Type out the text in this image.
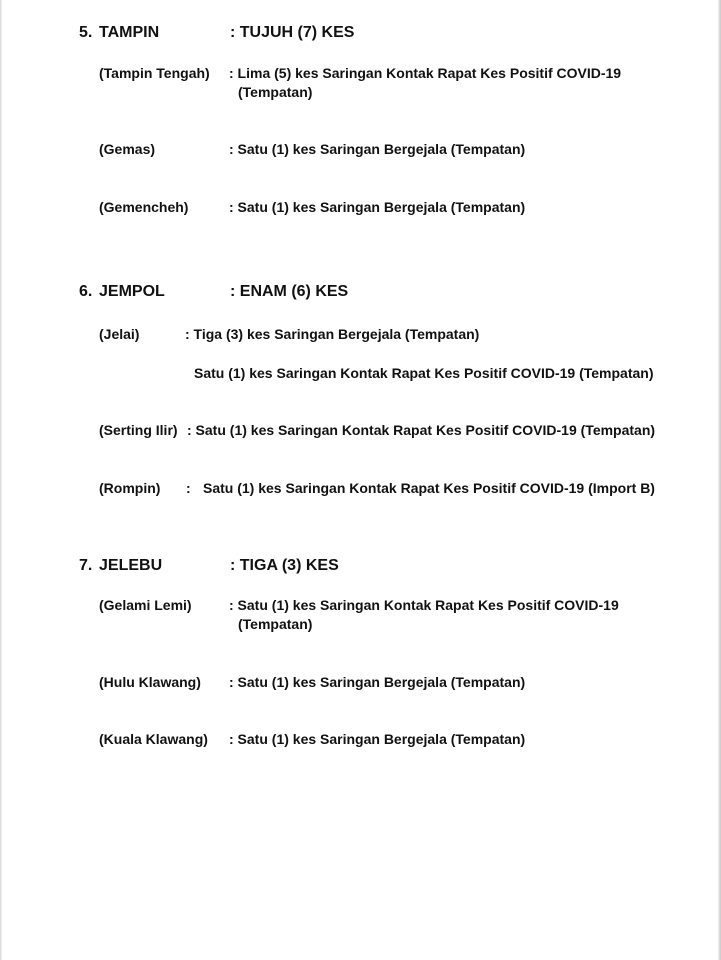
5. TAMPIN	: TUJUH (7) KES
(Tampin Tengah) : Lima (5) kes Saringan Kontak Rapat Kes Positif COVID-19
(Tempatan)
(Gemas)	: Satu (1) kes Saringan Bergejala (Tempatan)
(Gemencheh)	: Satu (1) kes Saringan Bergejala (Tempatan)
6. JEMPOL	: ENAM (6) KES
(Jelai)	: Tiga (3) kes Saringan Bergejala (Tempatan)
Satu (1) kes Saringan Kontak Rapat Kes Positif COVID-19 (Tempatan)
(Serting Ilir) : Satu (1) kes Saringan Kontak Rapat Kes Positif COVID-19 (Tempatan)
(Rompin) : Satu (1) kes Saringan Kontak Rapat Kes Positif COVID-19 (Import B)
7. JELEBU	: TIGA (3) KES
(Gelami Lemi)	: Satu (1) kes Saringan Kontak Rapat Kes Positif COVID-19
(Tempatan)
(Hulu Klawang) : Satu (1) kes Saringan Bergejala (Tempatan)
(Kuala Klawang) : Satu (1) kes Saringan Bergejala (Tempatan)
